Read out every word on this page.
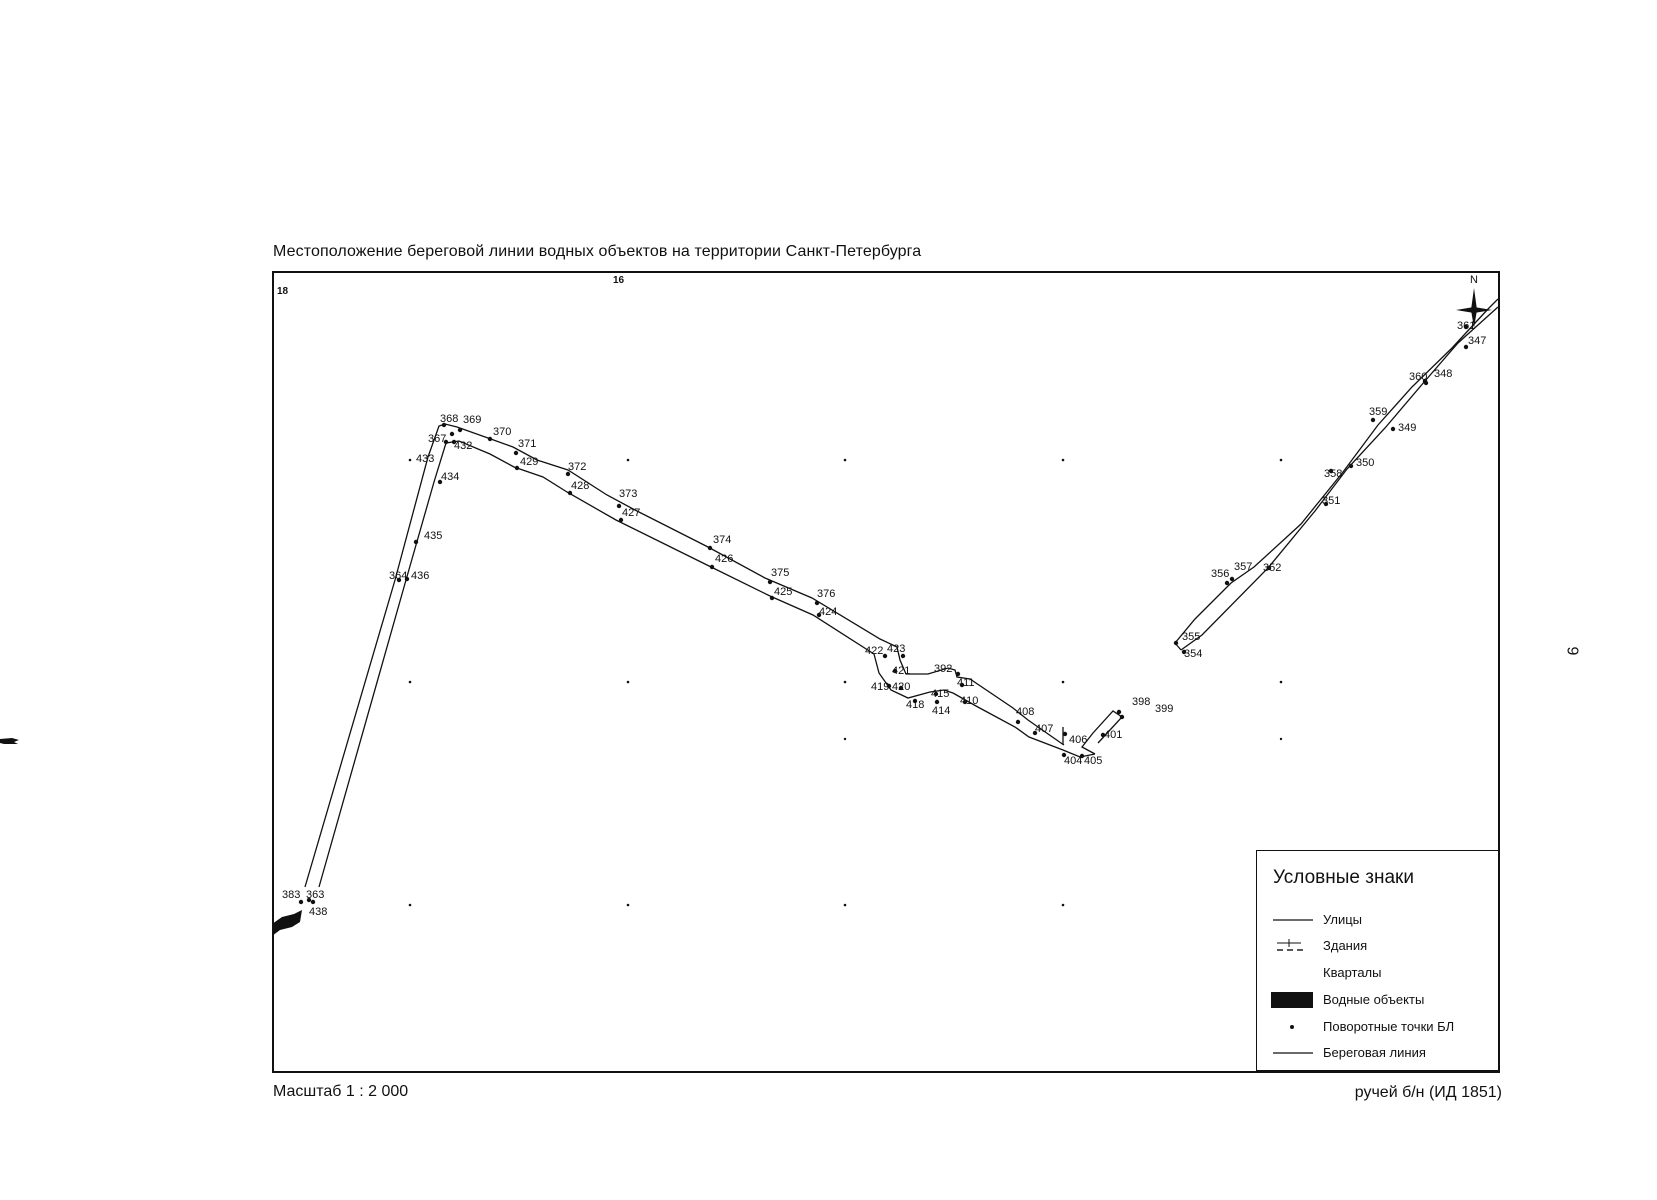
Местоположение береговой линии водных объектов на территории Санкт-Петербурга
18
16	N
383 363
438
364 436
435
434
433
367
432
368 369
370
371
429	372
428
373
427
374
426
375
425 376
424
422 423
421
419 420
418
392
415
414
411
410
408
407
406
404 405
401
398
399
355
354
356
357 352
358
350
351
359
349
360 348
361
347
Условные знаки
Улицы
Здания
Кварталы
Водные объекты
Поворотные точки БЛ
Береговая линия
Масштаб 1 : 2 000	ручей б/н (ИД 1851)
9
